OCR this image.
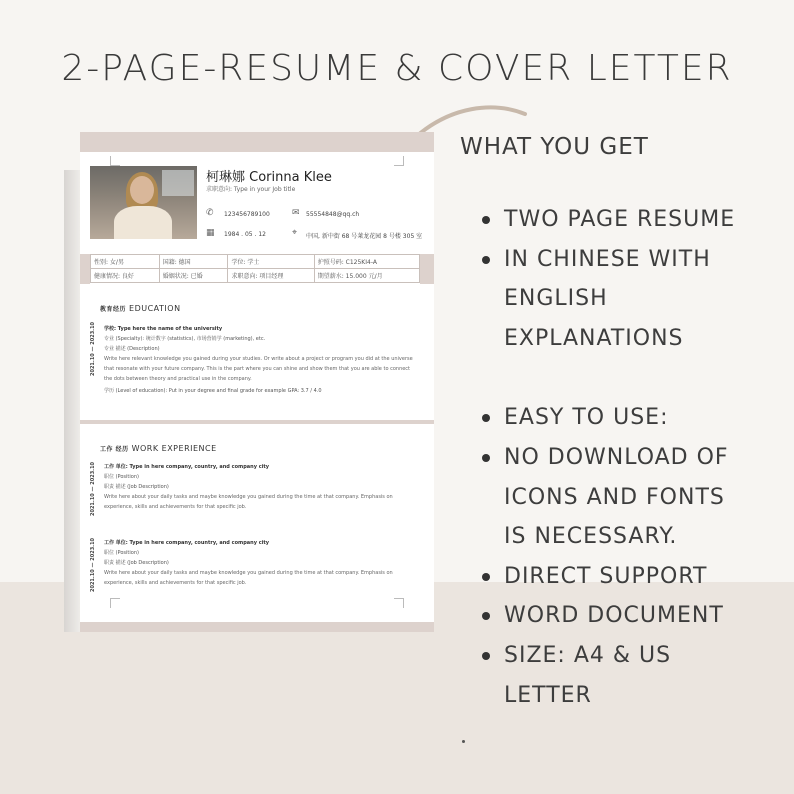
2-PAGE-RESUME & COVER LETTER
WHAT YOU GET
TWO PAGE RESUME
IN CHINESE WITH
ENGLISH
EXPLANATIONS
EASY TO USE:
NO DOWNLOAD OF
ICONS AND FONTS
IS NECESSARY.
DIRECT SUPPORT
WORD DOCUMENT
SIZE: A4 & US
LETTER
柯琳娜 Corinna Klee
求职意向: Type in your Job title
✆ 123456789100 ✉ 55554848@qq.ch
▦ 1984 . 05 . 12	⌖ 中国, 新中街 68 号莱龙花园 8 号楼 305 室
性别: 女/男	国籍: 德国	学位: 学士	护照号码: C125KI4-A
健康情况: 良好	婚姻状况: 已婚	求职意向: 项目经理	期望薪水: 15.000 元/月
教育经历 EDUCATION
2021.10 — 2023.10 学校: Type here the name of the university
专业 (Specialty): 统计数字 (statistics), 市场营销学 (marketing), etc.
专业 描述 (Description)
Write here relevant knowledge you gained during your studies. Or write about a project or program you did at the universe that resonate with your future company. This is the part where you can shine and show them that you are able to connect the dots between theory and practical use in the company.
学历 (Level of education): Put in your degree and final grade for example GPA: 3.7 / 4.0
工作 经历 WORK EXPERIENCE
2021.10 — 2023.10 工作 单位: Type in here company, country, and company city
职位 (Position)
职责 描述 (Job Description)
Write here about your daily tasks and maybe knowledge you gained during the time at that company. Emphasis on experience, skills and achievements for that specific job.
2021.10 — 2023.10 工作 单位: Type in here company, country, and company city
职位 (Position)
职责 描述 (Job Description)
Write here about your daily tasks and maybe knowledge you gained during the time at that company. Emphasis on experience, skills and achievements for that specific job.
